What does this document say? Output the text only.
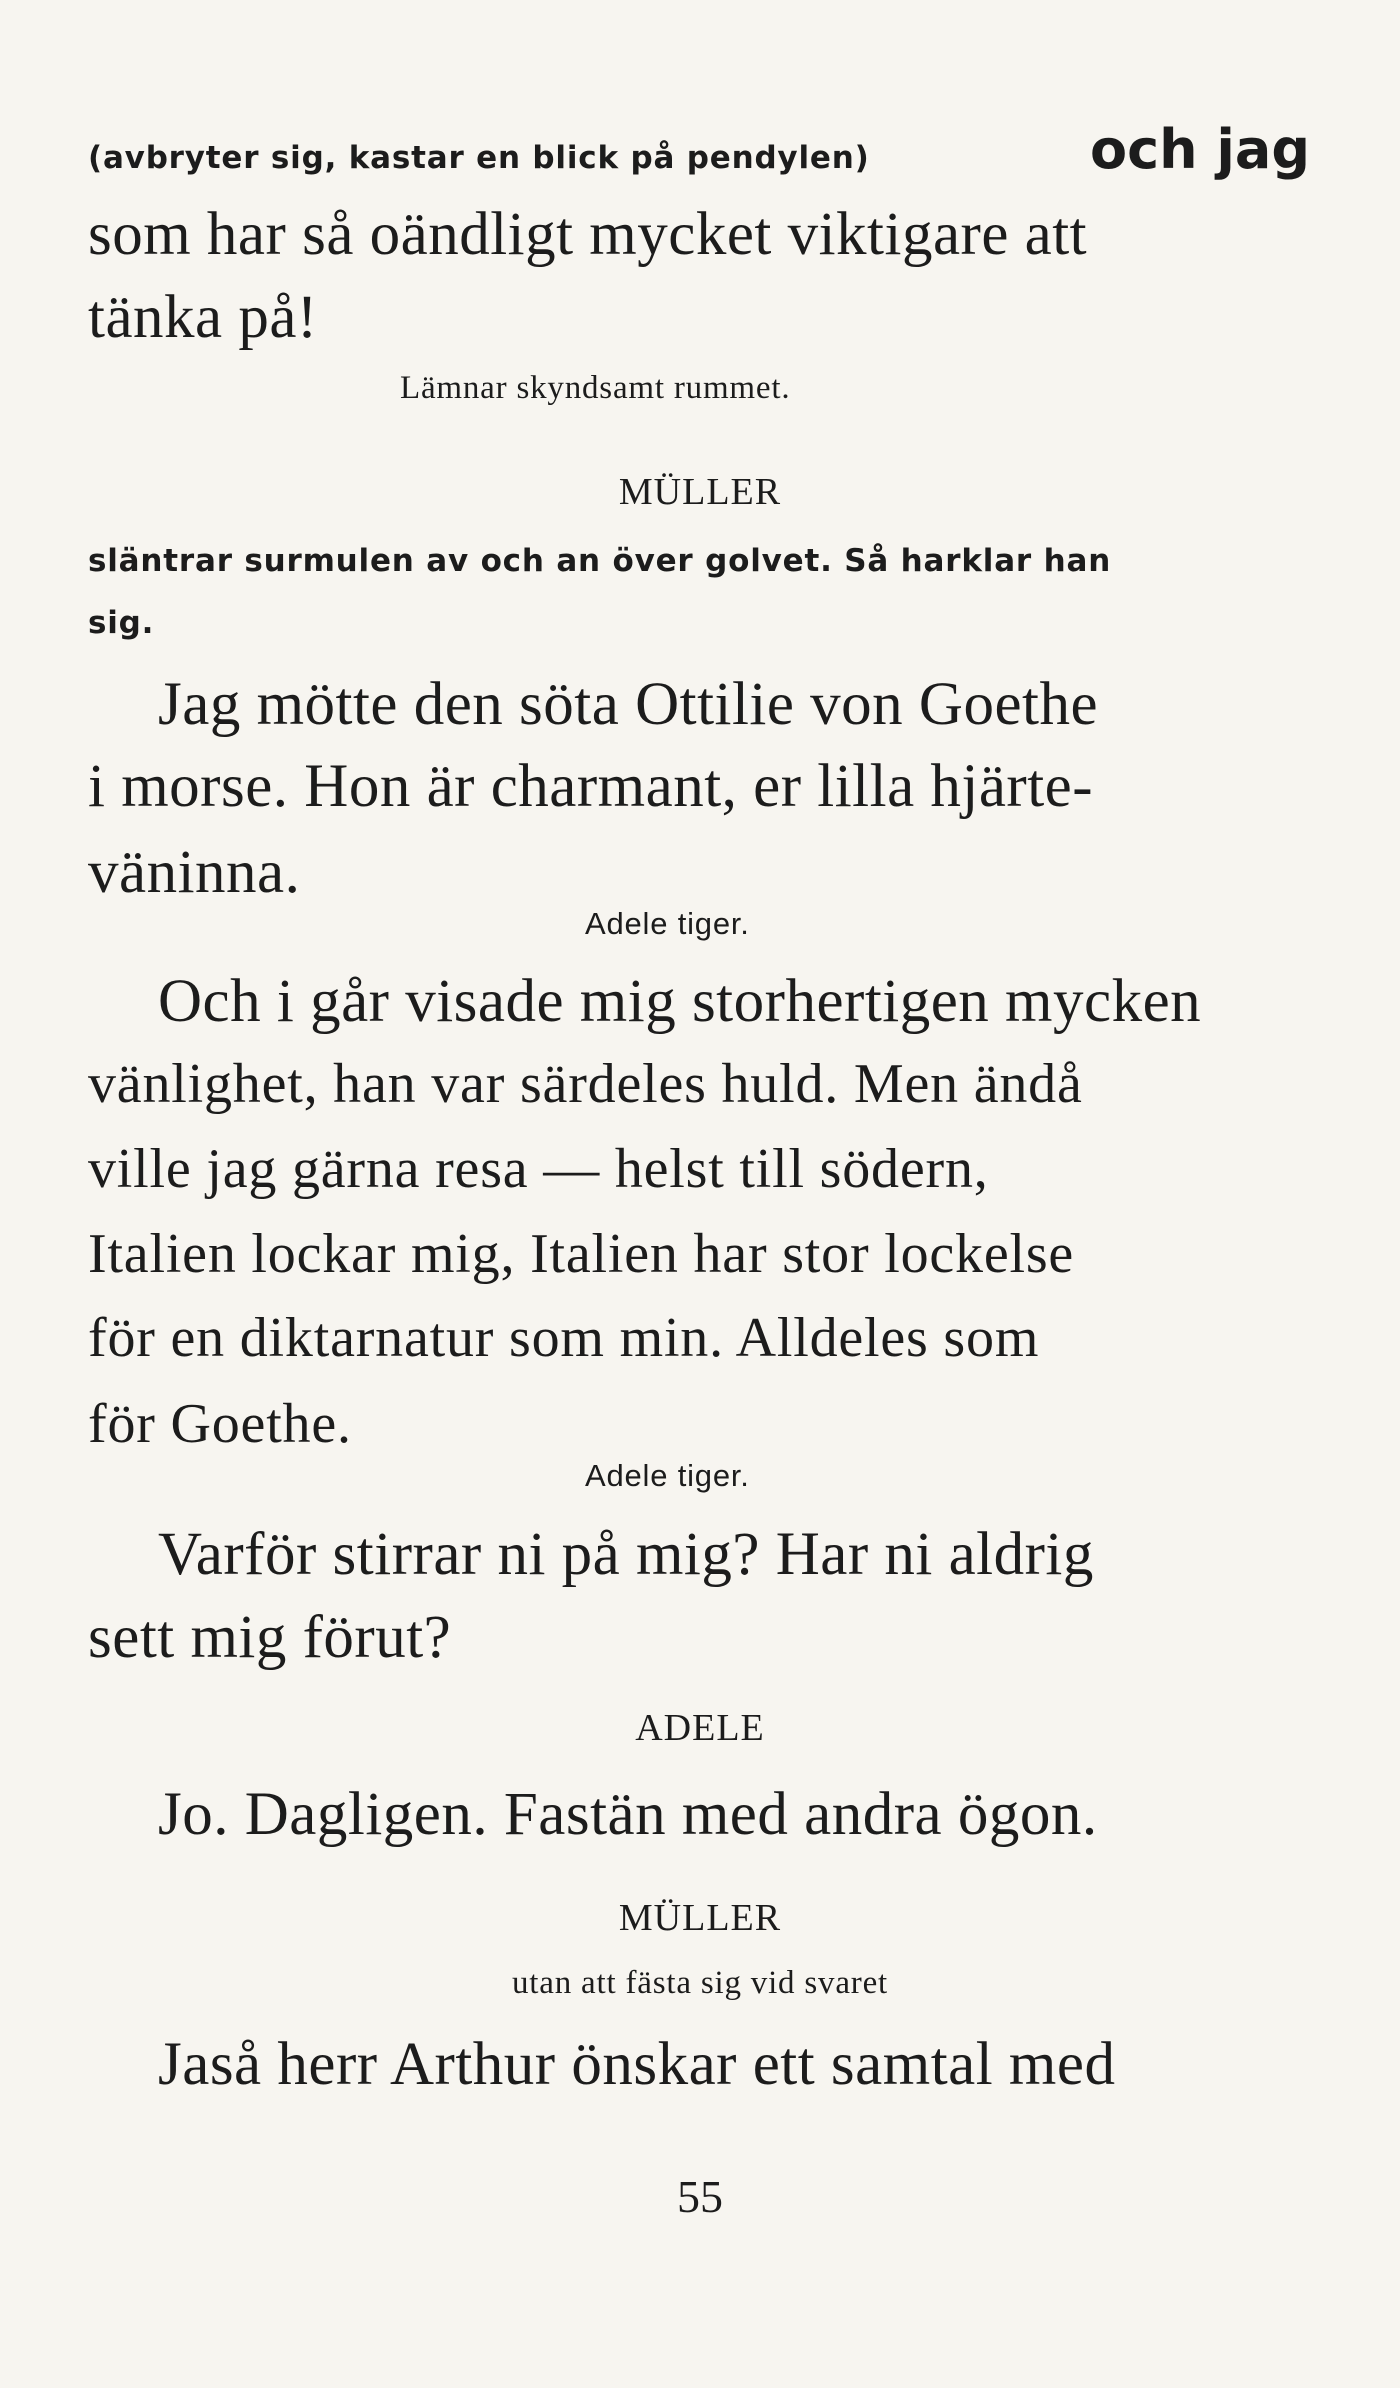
(avbryter sig, kastar en blick på pendylen)	och jag
som har så oändligt mycket viktigare att
tänka på!
Lämnar skyndsamt rummet.
MÜLLER
släntrar surmulen av och an över golvet. Så harklar han
sig.
Jag mötte den söta Ottilie von Goethe
i morse. Hon är charmant, er lilla hjärte-
väninna.
Adele tiger.
Och i går visade mig storhertigen mycken
vänlighet, han var särdeles huld. Men ändå
ville jag gärna resa — helst till södern,
Italien lockar mig, Italien har stor lockelse
för en diktarnatur som min. Alldeles som
för Goethe.
Adele tiger.
Varför stirrar ni på mig? Har ni aldrig
sett mig förut?
ADELE
Jo. Dagligen. Fastän med andra ögon.
MÜLLER
utan att fästa sig vid svaret
Jaså herr Arthur önskar ett samtal med
55
